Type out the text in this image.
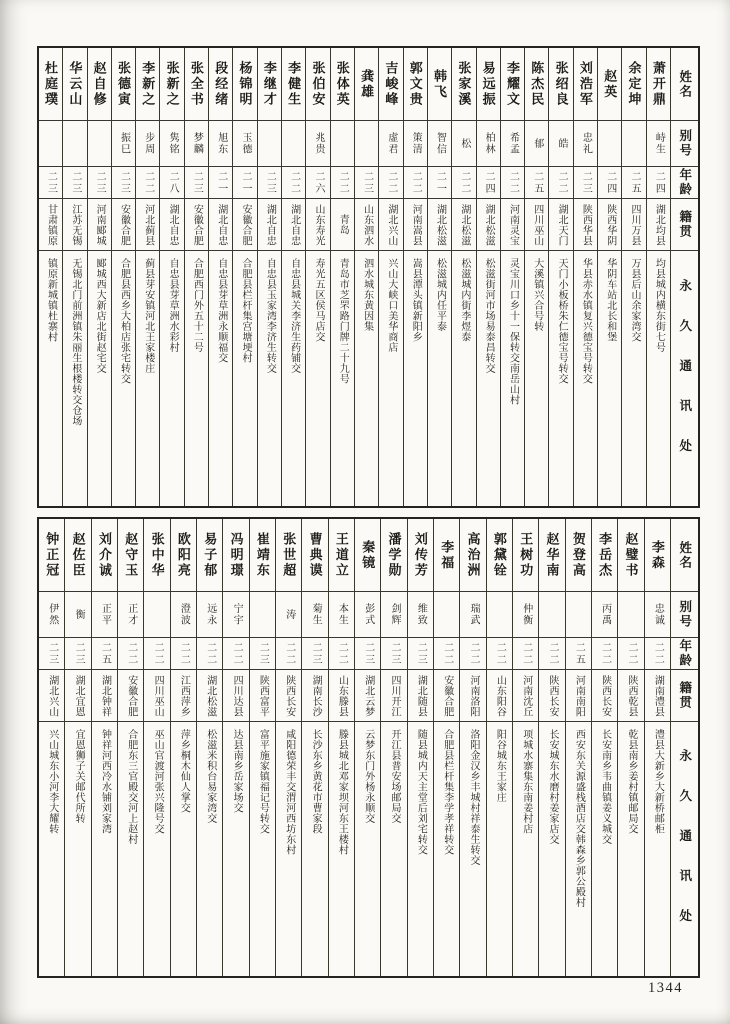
姓名
别号
年龄
籍贯
永久通讯处
萧开鼎
峙生
二四
湖北均县
均县城内横东街七号
余定坤
二五
四川万县
万县后山余家湾交
赵英
二四
陕西华阴
华阴车站北长和堡
刘浩军
忠礼
二三
陕西华县
华县赤水镇复兴德宝号转交
张绍良
皓
二二
湖北天门
天门小板桥朱仁德宝号转交
陈杰民
郁
二五
四川巫山
大溪镇兴合号转
李耀文
希孟
二二
河南灵宝
灵宝川口乡十一保转交南岳山村
易远振
柏林
二四
湖北松滋
松滋街河市场易泰昌转交
张家溪
松
二二
湖北松滋
松滋城内街李煜泰
韩飞
智信
二一
湖北松滋
松滋城内任平泰
郭文贵
策清
二二
河南嵩县
嵩县潭头镇新阳乡
吉峻峰
虚君
二二
湖北兴山
兴山大峡口美华商店
龚雄
二三
山东泗水
泗水城东黄因集
张体英
二二
青岛
青岛市芝罘路门牌二十九号
张伯安
兆贵
二六
山东寿光
寿光五区侯马店交
李健生
二二
湖北自忠
自忠县城关李济生药铺交
李继才
二三
湖北自忠
自忠县玉家湾李济生转交
杨锦明
玉德
二一
安徽合肥
合肥县栏杆集宫塘埂村
段经绪
旭东
二一
湖北自忠
自忠县芽草洲永顺福交
张全书
梦麟
二三
安徽合肥
合肥西门外五十二号
张新之
隽铭
二八
湖北自忠
自忠县芽草洲水彩村
李新之
步周
二二
河北蓟县
蓟县芽安镇河北王家楼庄
张德寅
振巳
二三
安徽合肥
合肥县西乡大柏店张宅转交
赵自修
二三
河南郾城
郾城西大新店北街赵宅交
华云山
二三
江苏无锡
无锡北门前洲镇朱丽生根楼转交仓场
杜庭璞
二三
甘肃镇原
镇原新城镇杜寨村
姓名
别号
年龄
籍贯
永久通讯处
李森
忠诚
二二
湖南澧县
澧县大新乡大新桥邮柜
赵璧书
二二
陕西乾县
乾县南乡姜村镇邮局交
李岳杰
丙禹
二二
陕西长安
长安南乡韦曲镇姜义城交
贺登高
二五
河南南阳
西安东关源盛栈酒店交韩森乡郭公殿村
赵华南
二二
陕西长安
长安城东水磨村姜家店交
王树功
仲衡
二二
河南沈丘
项城水寨集东南姜村店
郭黛铨
二二
山东阳谷
阳谷城东王家庄
高治洲
瑞武
二二
河南洛阳
洛阳金汉乡丰城村祥泰生转交
李福
二二
安徽合肥
合肥县栏杆集李学孝祥转交
刘传芳
维致
二三
湖北随县
随县城内天主堂后刘宅转交
潘学勋
剑辉
二三
四川开江
开江县普安场邮局交
秦镜
彭式
二三
湖北云梦
云梦东门外杨永顺交
王道立
本生
二二
山东滕县
滕县城北邓家坝河东王楼村
曹典谟
菊生
二三
湖南长沙
长沙东乡黄花市曹家段
张世超
涛
二二
陕西长安
咸阳德荣丰交渭河西坊东村
崔靖东
二三
陕西富平
富平施家镇福记号转交
冯明璟
宁宇
二二
四川达县
达县南乡岳家场交
易子郁
远永
二二
湖北松滋
松滋米积台易家湾交
欧阳亮
澄波
二二
江西萍乡
萍乡桐木仙人掌交
张中华
二二
四川巫山
巫山官渡河张兴隆号交
赵守玉
正才
二二
安徽合肥
合肥东三官殿交河上赵村
刘介诚
正平
二五
湖北钟祥
钟祥河西冷水铺刘家湾
赵佐臣
衡
二三
湖北宜恩
宜恩狮子关邮代所转
钟正冠
伊然
二三
湖北兴山
兴山城东小河李大耀转
1344
